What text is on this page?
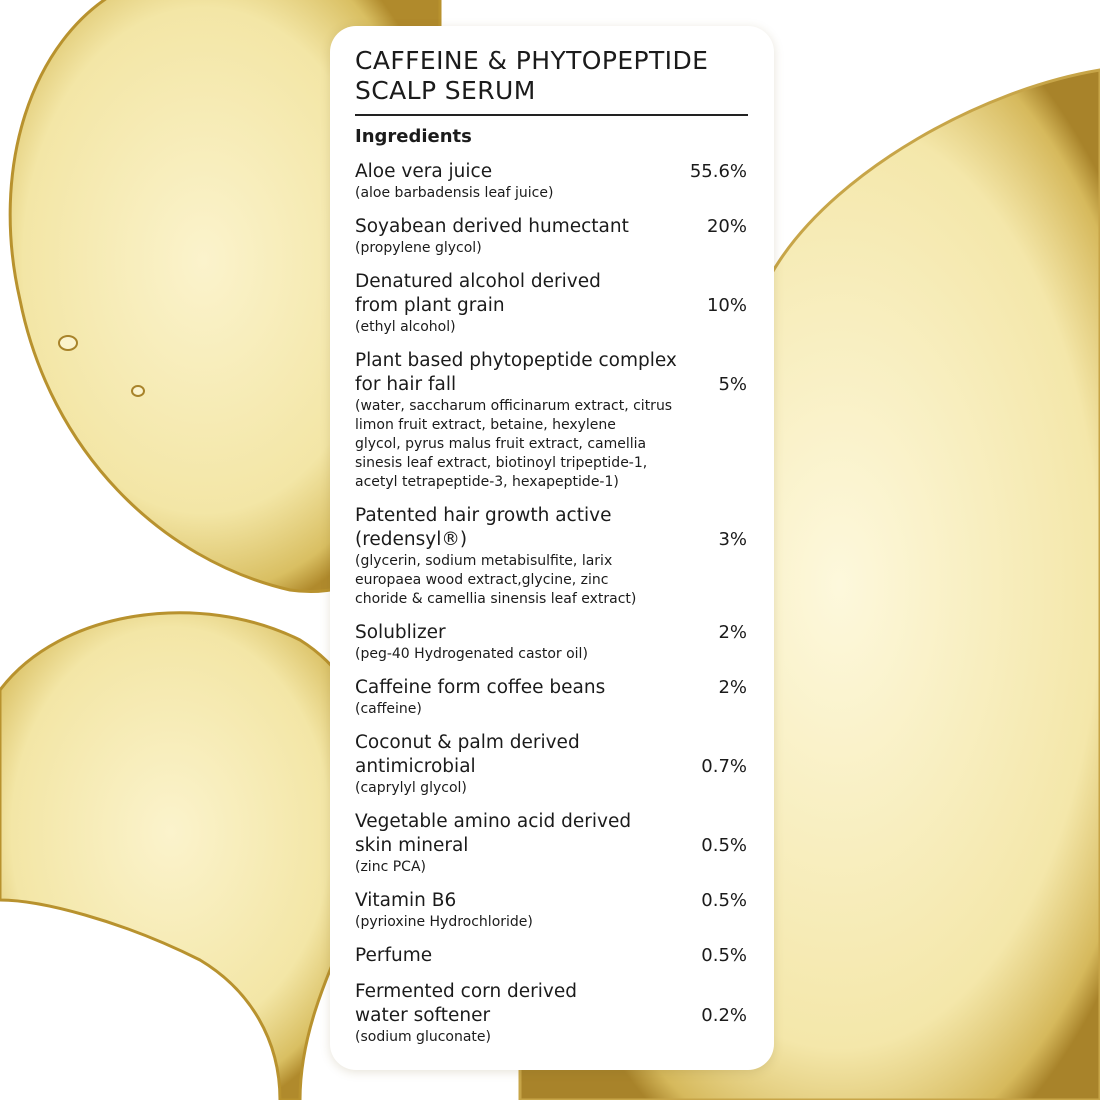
CAFFEINE & PHYTOPEPTIDE
SCALP SERUM
Ingredients
Aloe vera juice
(aloe barbadensis leaf juice)
55.6%
Soyabean derived humectant
(propylene glycol)
20%
Denatured alcohol derived
from plant grain
(ethyl alcohol)
10%
Plant based phytopeptide complex
for hair fall
(water, saccharum officinarum extract, citrus
limon fruit extract, betaine, hexylene
glycol, pyrus malus fruit extract, camellia
sinesis leaf extract, biotinoyl tripeptide-1,
acetyl tetrapeptide-3, hexapeptide-1)
5%
Patented hair growth active
(redensyl®)
(glycerin, sodium metabisulfite, larix
europaea wood extract,glycine, zinc
choride & camellia sinensis leaf extract)
3%
Solublizer
(peg-40 Hydrogenated castor oil)
2%
Caffeine form coffee beans
(caffeine)
2%
Coconut & palm derived
antimicrobial
(caprylyl glycol)
0.7%
Vegetable amino acid derived
skin mineral
(zinc PCA)
0.5%
Vitamin B6
(pyrioxine Hydrochloride)
0.5%
Perfume	0.5%
Fermented corn derived
water softener
(sodium gluconate)
0.2%
